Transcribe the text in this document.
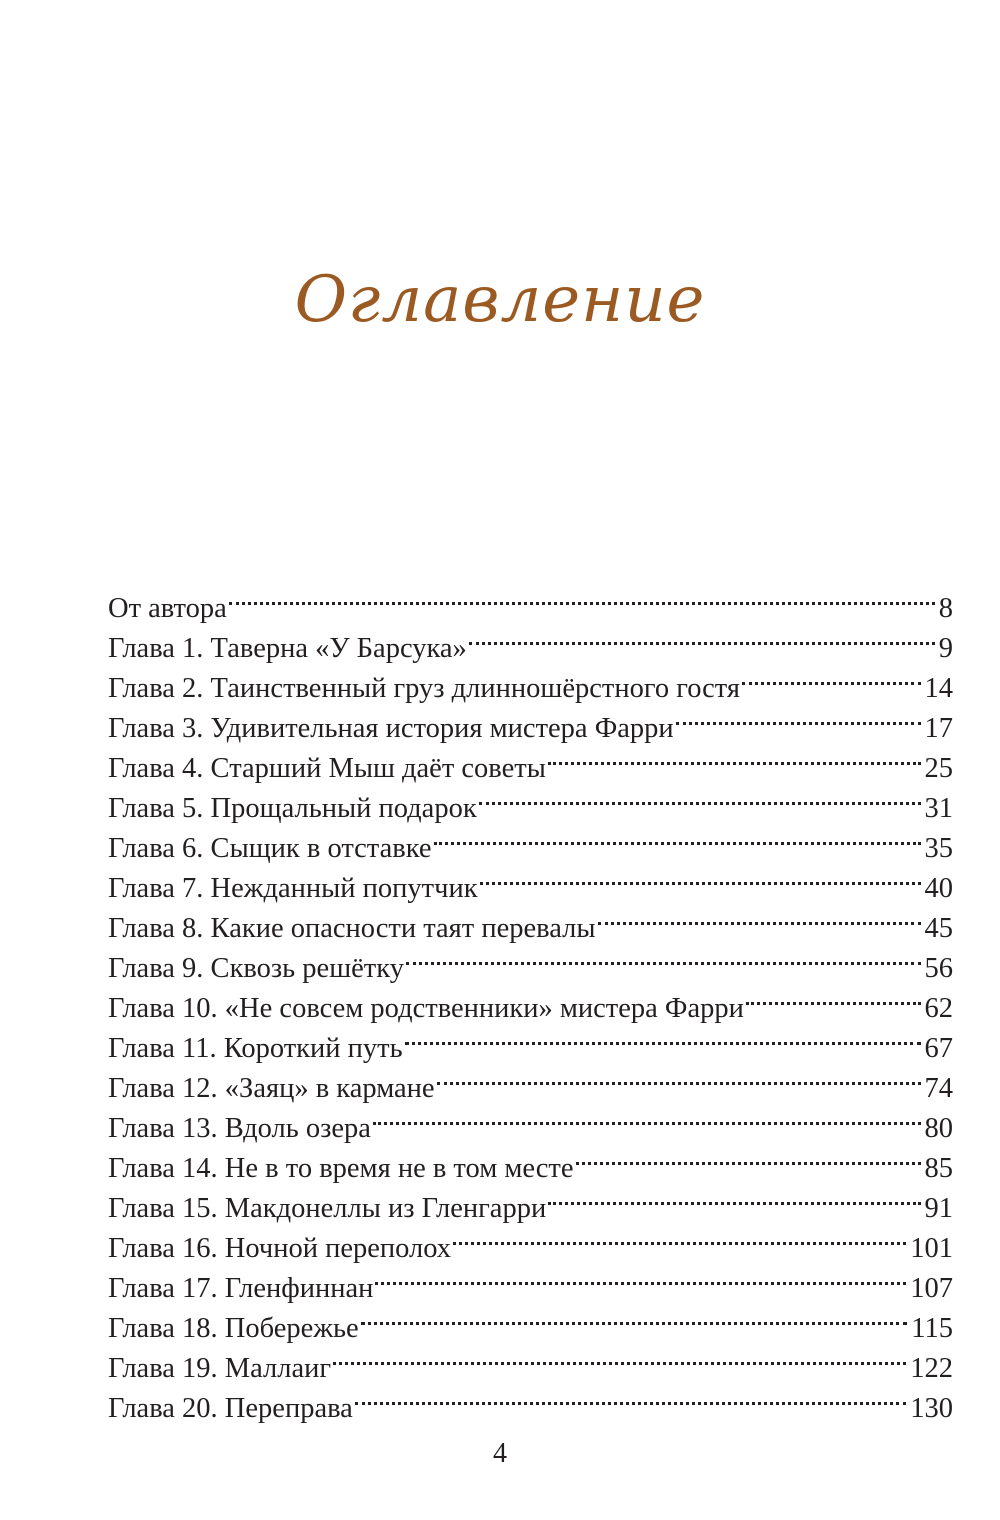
Оглавление
От автора	8
Глава 1. Таверна «У Барсука»	9
Глава 2. Таинственный груз длинношёрстного гостя	14
Глава 3. Удивительная история мистера Фарри	17
Глава 4. Старший Мыш даёт советы	25
Глава 5. Прощальный подарок	31
Глава 6. Сыщик в отставке	35
Глава 7. Нежданный попутчик	40
Глава 8. Какие опасности таят перевалы	45
Глава 9. Сквозь решётку	56
Глава 10. «Не совсем родственники» мистера Фарри	62
Глава 11. Короткий путь	67
Глава 12. «Заяц» в кармане	74
Глава 13. Вдоль озера	80
Глава 14. Не в то время не в том месте	85
Глава 15. Макдонеллы из Гленгарри	91
Глава 16. Ночной переполох	101
Глава 17. Гленфиннан	107
Глава 18. Побережье	115
Глава 19. Маллаиг	122
Глава 20. Переправа	130
4
